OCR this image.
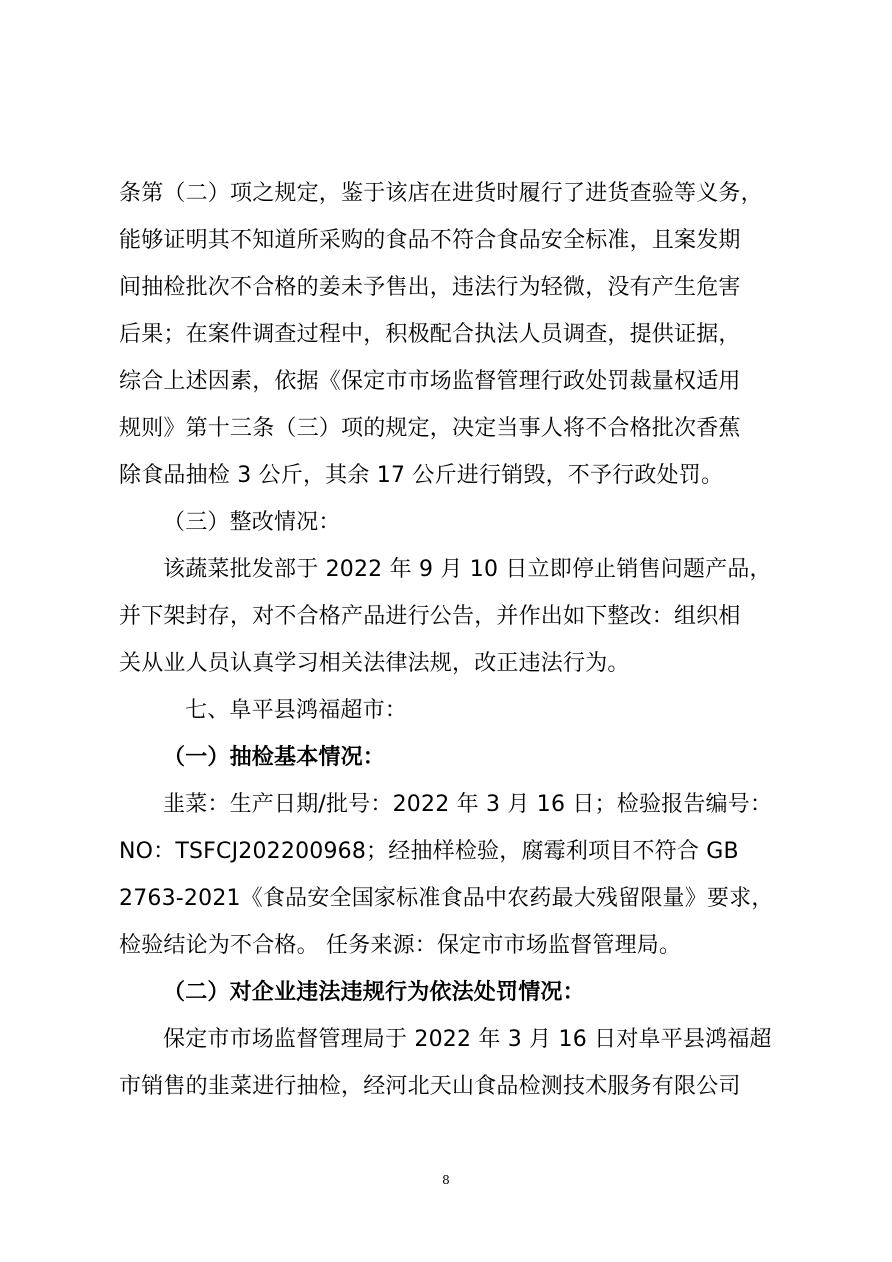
条第（二）项之规定，鉴于该店在进货时履行了进货查验等义务，
能够证明其不知道所采购的食品不符合食品安全标准，且案发期
间抽检批次不合格的姜未予售出，违法行为轻微，没有产生危害
后果；在案件调查过程中，积极配合执法人员调查，提供证据，
综合上述因素，依据《保定市市场监督管理行政处罚裁量权适用
规则》第十三条（三）项的规定，决定当事人将不合格批次香蕉
除食品抽检 3 公斤，其余 17 公斤进行销毁，不予行政处罚。
（三）整改情况：
该蔬菜批发部于 2022 年 9 月 10 日立即停止销售问题产品，
并下架封存，对不合格产品进行公告，并作出如下整改：组织相
关从业人员认真学习相关法律法规，改正违法行为。
七、阜平县鸿福超市：
（一）抽检基本情况：
韭菜：生产日期/批号：2022 年 3 月 16 日；检验报告编号：
NO：TSFCJ202200968；经抽样检验，腐霉利项目不符合 GB
2763-2021《食品安全国家标准食品中农药最大残留限量》要求，
检验结论为不合格。 任务来源：保定市市场监督管理局。
（二）对企业违法违规行为依法处罚情况：
保定市市场监督管理局于 2022 年 3 月 16 日对阜平县鸿福超
市销售的韭菜进行抽检，经河北天山食品检测技术服务有限公司
8
